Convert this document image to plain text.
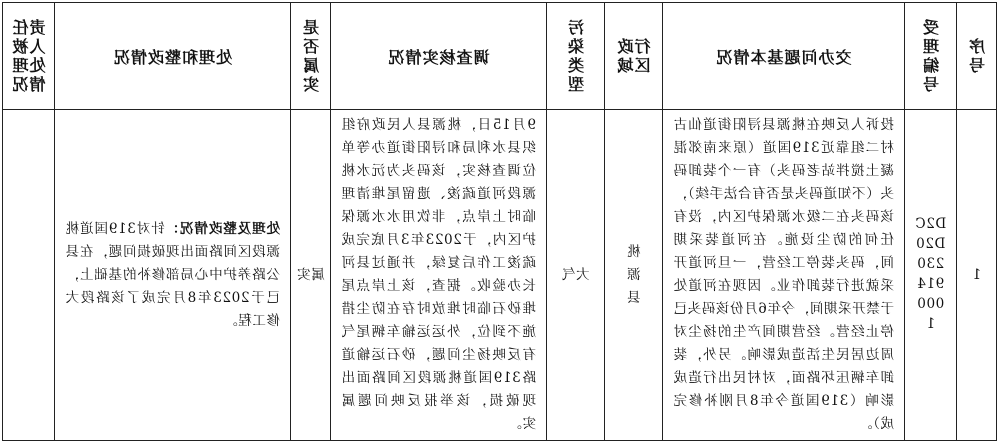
序号	受理编号	交办问题基本情况	行政区域	污染类型	调查核实情况	是否属实	处理和整改情况	责任人被处理情况

1	D2CD20230914 0001	投诉人反映在桃源县浔阳街道仙古村二组靠近319国道（原来南郊混凝土搅拌站老码头）有一个装卸码头（不知道码头是否有合法手续），该码头在二级水源保护区内，没有任何的防尘设施。在河道装采期间，码头装停工经营，一旦河道开采就进行装卸作业。因现在河道处于禁开采期间，今年6月份该码头已停止经营。经营期间产生的扬尘对周边居民生活造成影响。另外，装卸车辆压坏路面，对村民出行造成影响（319国道今年8月刚补修完成）。	桃源县	大气	9月15日，桃源县人民政府组织县水利局和浔阳街道办等单位调查核实，该码头为沅水桃源段河道疏浚、遗留尾堆清理临时上岸点，非饮用水水源保护区内，于2023年3月底完成疏浚工作后复绿，并通过县河长办验收。据查，该上岸点尾堆砂石临时堆放时存在防尘措施不到位，外运运输车辆尾气有反映扬尘问题，砂石运输道路319国道桃源段区间路面出现破损，该举报反映问题属实。	属实	处理及整改情况：针对319国道桃源段区间路面出现破损问题，在县公路养护中心局部修补的基础上，已于2023年8月完成了该路段大修工程。	
